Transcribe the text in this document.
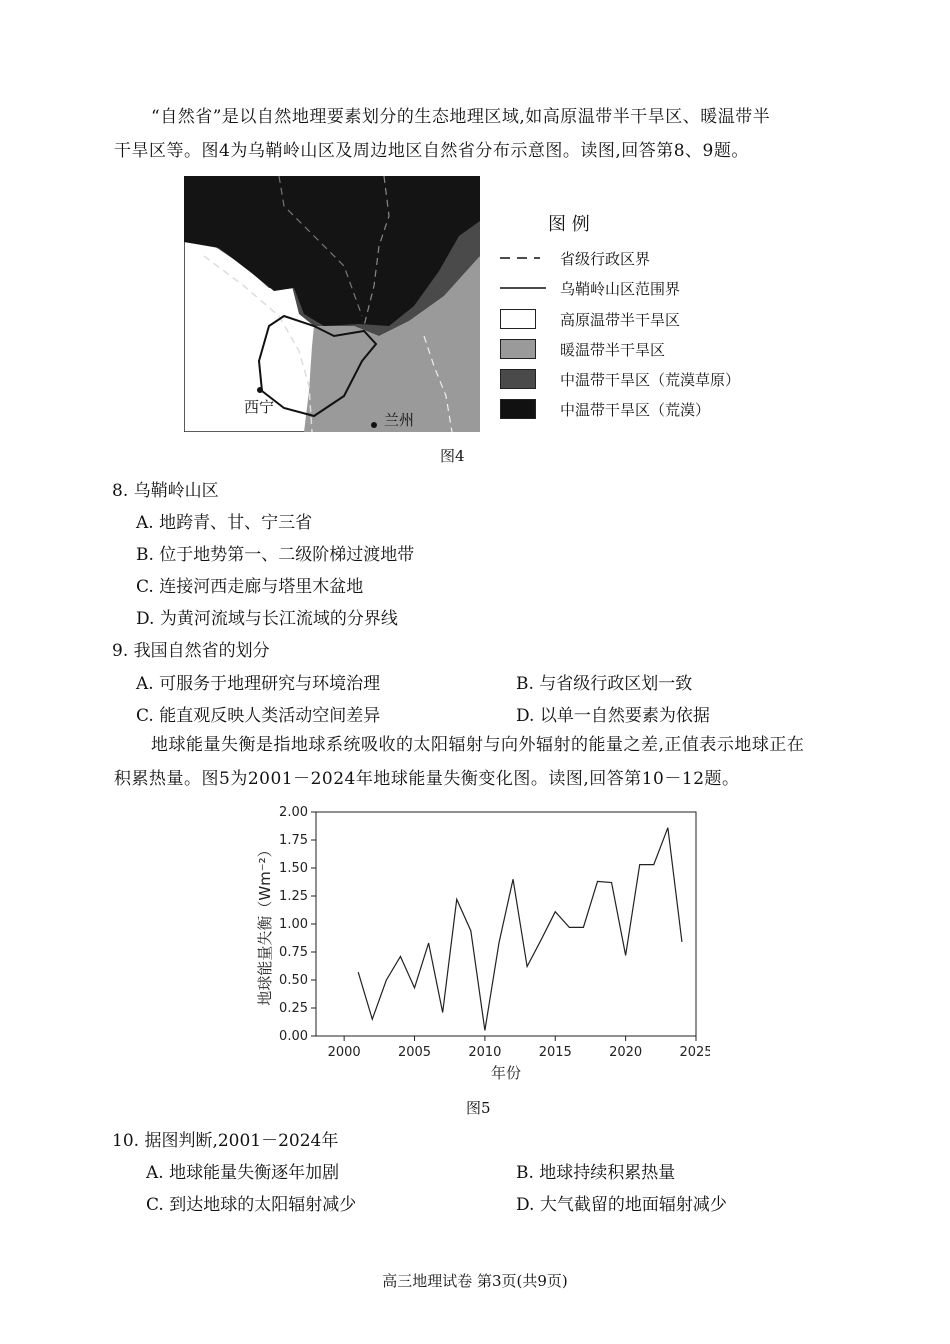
“自然省”是以自然地理要素划分的生态地理区域,如高原温带半干旱区、暖温带半
干旱区等。图4为乌鞘岭山区及周边地区自然省分布示意图。读图,回答第8、9题。
西宁
兰州
图 例
省级行政区界
乌鞘岭山区范围界
高原温带半干旱区
暖温带半干旱区
中温带干旱区（荒漠草原）
中温带干旱区（荒漠）
图4
8. 乌鞘岭山区
A. 地跨青、甘、宁三省
B. 位于地势第一、二级阶梯过渡地带
C. 连接河西走廊与塔里木盆地
D. 为黄河流域与长江流域的分界线
9. 我国自然省的划分
A. 可服务于地理研究与环境治理	B. 与省级行政区划一致
C. 能直观反映人类活动空间差异	D. 以单一自然要素为依据
地球能量失衡是指地球系统吸收的太阳辐射与向外辐射的能量之差,正值表示地球正在
积累热量。图5为2001－2024年地球能量失衡变化图。读图,回答第10－12题。
0.00
0.25
0.50
0.75
1.00
1.25
1.50
1.75
2.00
2000	2005	2010	2015	2020	2025
年份
地球能量失衡（Wm⁻²）
图5
10. 据图判断,2001－2024年
A. 地球能量失衡逐年加剧	B. 地球持续积累热量
C. 到达地球的太阳辐射减少	D. 大气截留的地面辐射减少
高三地理试卷 第3页(共9页)
